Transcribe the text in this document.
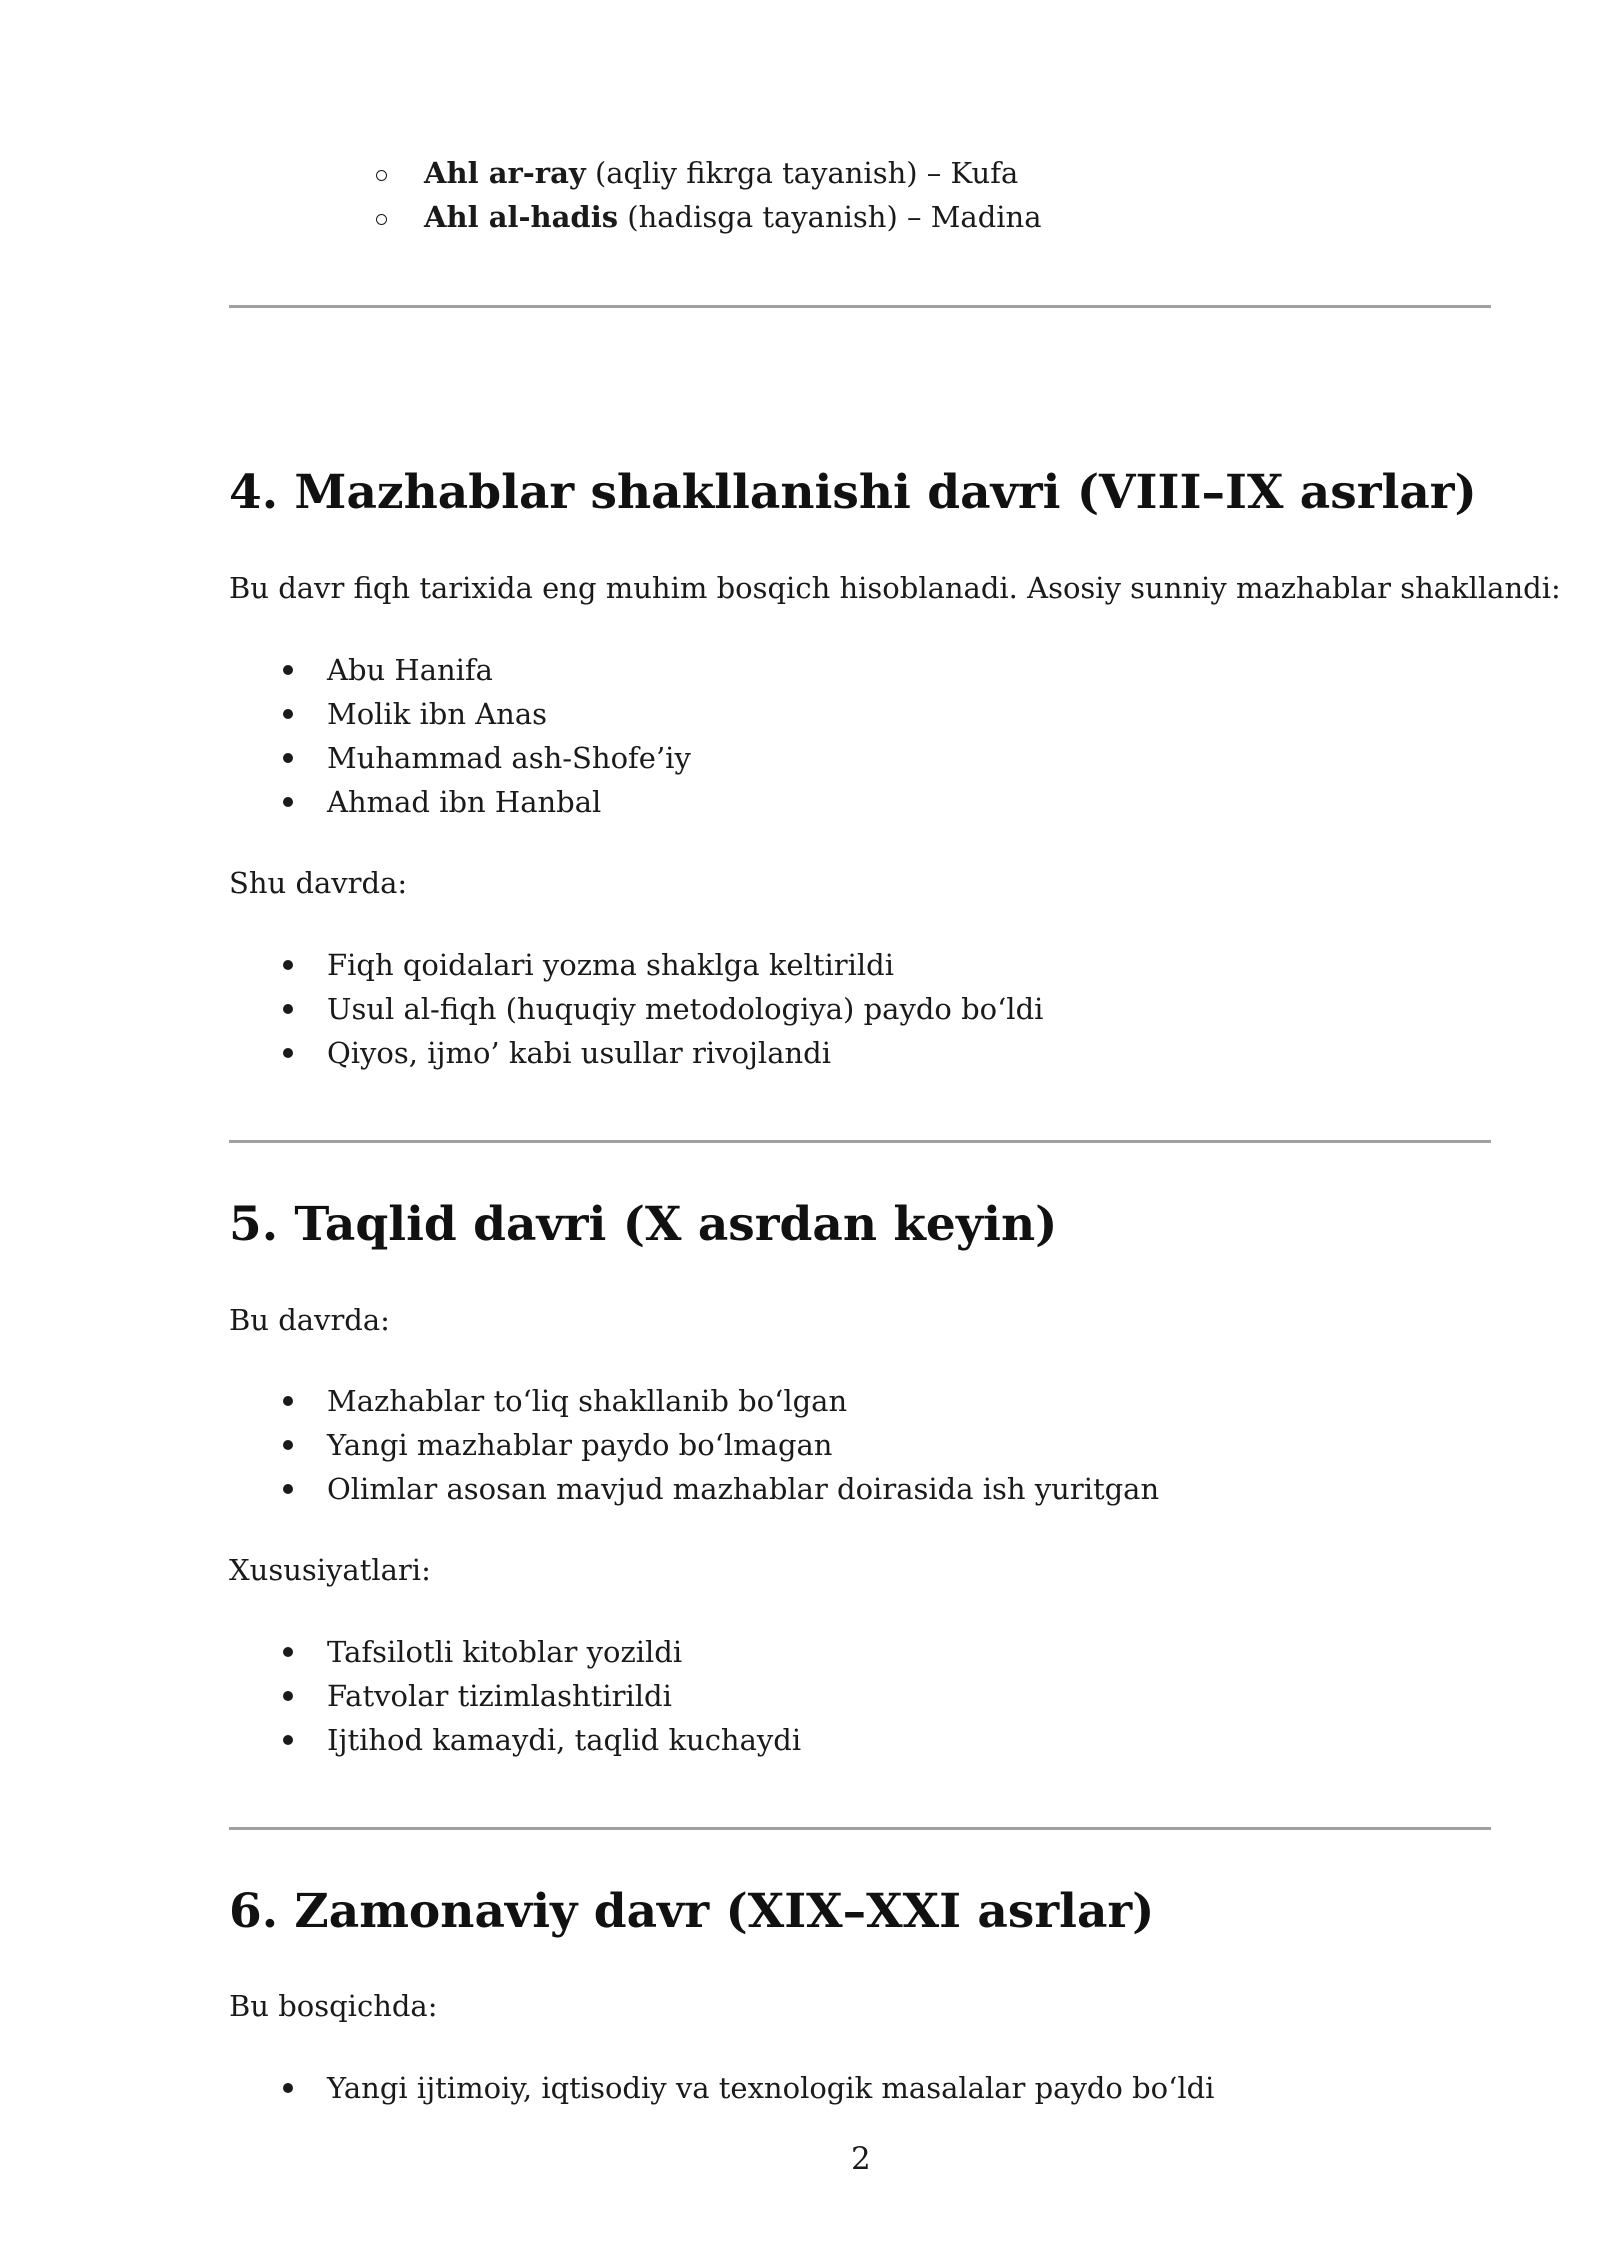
Ahl ar-ray (aqliy fikrga tayanish) – Kufa
Ahl al-hadis (hadisga tayanish) – Madina
4. Mazhablar shakllanishi davri (VIII–IX asrlar)
Bu davr fiqh tarixida eng muhim bosqich hisoblanadi. Asosiy sunniy mazhablar shakllandi:
Abu Hanifa
Molik ibn Anas
Muhammad ash-Shofe’iy
Ahmad ibn Hanbal
Shu davrda:
Fiqh qoidalari yozma shaklga keltirildi
Usul al-fiqh (huquqiy metodologiya) paydo bo‘ldi
Qiyos, ijmo’ kabi usullar rivojlandi
5. Taqlid davri (X asrdan keyin)
Bu davrda:
Mazhablar to‘liq shakllanib bo‘lgan
Yangi mazhablar paydo bo‘lmagan
Olimlar asosan mavjud mazhablar doirasida ish yuritgan
Xususiyatlari:
Tafsilotli kitoblar yozildi
Fatvolar tizimlashtirildi
Ijtihod kamaydi, taqlid kuchaydi
6. Zamonaviy davr (XIX–XXI asrlar)
Bu bosqichda:
Yangi ijtimoiy, iqtisodiy va texnologik masalalar paydo bo‘ldi
2
